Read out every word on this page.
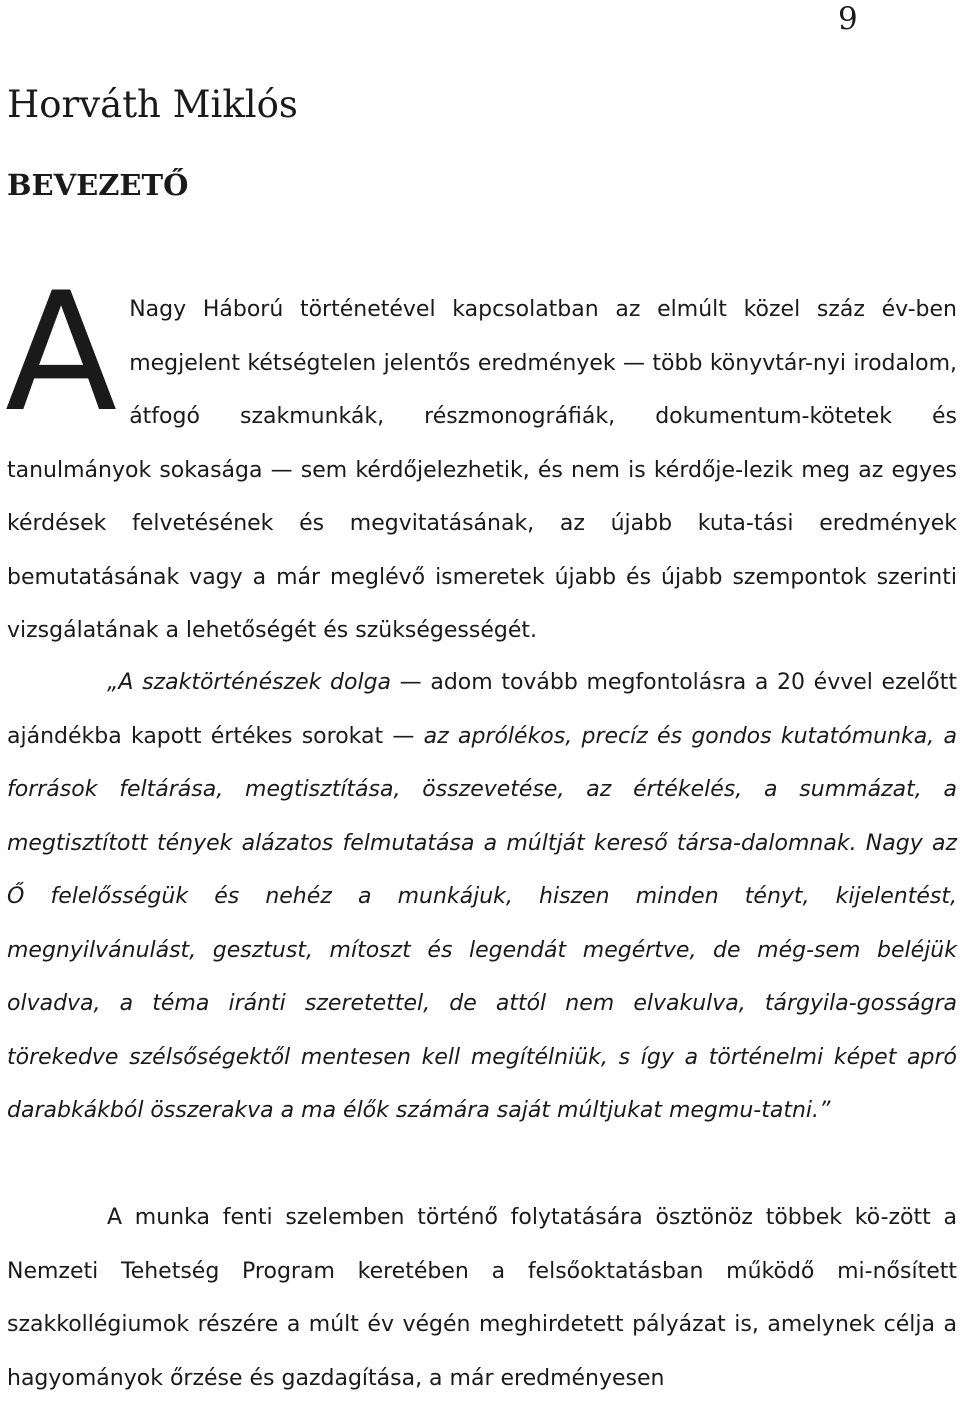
9
Horváth Miklós
BEVEZETŐ

A Nagy Háború történetével kapcsolatban az elmúlt közel száz év-ben megjelent kétségtelen jelentős eredmények — több könyvtár-nyi irodalom, átfogó szakmunkák, részmonográfiák, dokumentum-kötetek és tanulmányok sokasága — sem kérdőjelezhetik, és nem is kérdője-lezik meg az egyes kérdések felvetésének és megvitatásának, az újabb kuta-tási eredmények bemutatásának vagy a már meglévő ismeretek újabb és újabb szempontok szerinti vizsgálatának a lehetőségét és szükségességét.

„A szaktörténészek dolga — adom tovább megfontolásra a 20 évvel ezelőtt ajándékba kapott értékes sorokat — az aprólékos, precíz és gondos kutatómunka, a források feltárása, megtisztítása, összevetése, az értékelés, a summázat, a megtisztított tények alázatos felmutatása a múltját kereső társa-dalomnak. Nagy az Ő felelősségük és nehéz a munkájuk, hiszen minden tényt, kijelentést, megnyilvánulást, gesztust, mítoszt és legendát megértve, de még-sem beléjük olvadva, a téma iránti szeretettel, de attól nem elvakulva, tárgyila-gosságra törekedve szélsőségektől mentesen kell megítélniük, s így a történelmi képet apró darabkákból összerakva a ma élők számára saját múltjukat megmu-tatni.”

A munka fenti szelemben történő folytatására ösztönöz többek kö-zött a Nemzeti Tehetség Program keretében a felsőoktatásban működő mi-nősített szakkollégiumok részére a múlt év végén meghirdetett pályázat is, amelynek célja a hagyományok őrzése és gazdagítása, a már eredményesen
